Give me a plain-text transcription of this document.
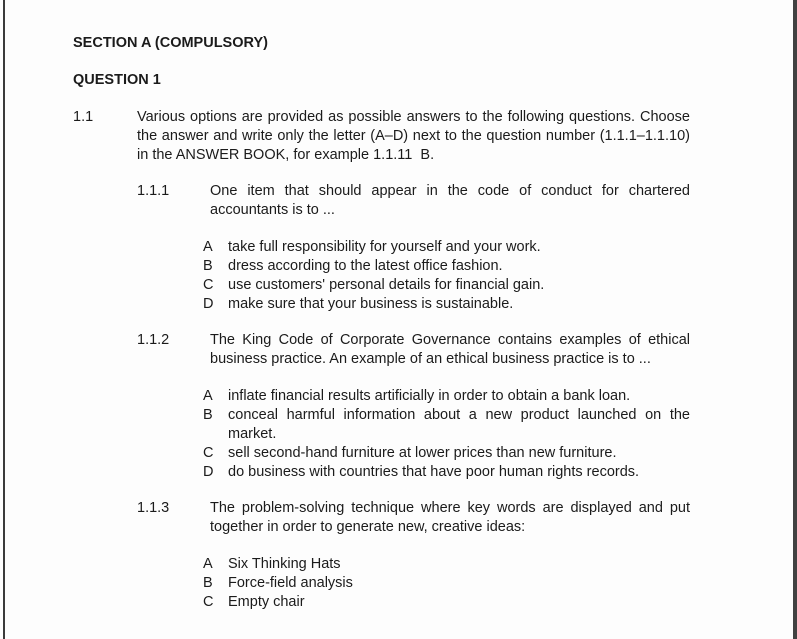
SECTION A (COMPULSORY)

QUESTION 1

1.1	Various options are provided as possible answers to the following questions. Choose the answer and write only the letter (A–D) next to the question number (1.1.1–1.1.10) in the ANSWER BOOK, for example 1.1.11  B.
1.1.1	One item that should appear in the code of conduct for chartered accountants is to ...
A	take full responsibility for yourself and your work.
B	dress according to the latest office fashion.
C	use customers' personal details for financial gain.
D	make sure that your business is sustainable.
1.1.2	The King Code of Corporate Governance contains examples of ethical business practice. An example of an ethical business practice is to ...
A	inflate financial results artificially in order to obtain a bank loan.
B	conceal harmful information about a new product launched on the market.
C	sell second-hand furniture at lower prices than new furniture.
D	do business with countries that have poor human rights records.
1.1.3	The problem-solving technique where key words are displayed and put together in order to generate new, creative ideas:
A	Six Thinking Hats
B	Force-field analysis
C	Empty chair
